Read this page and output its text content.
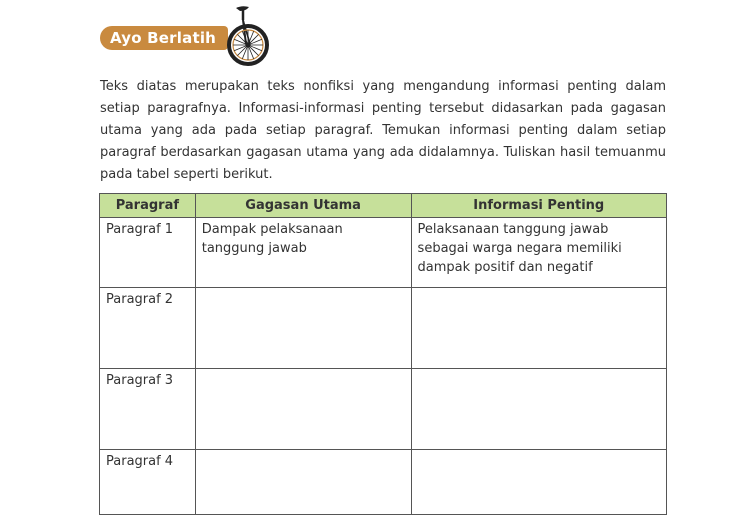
Ayo Berlatih

Teks diatas merupakan teks nonfiksi yang mengandung informasi penting dalam setiap paragrafnya. Informasi-informasi penting tersebut didasarkan pada gagasan utama yang ada pada setiap paragraf. Temukan informasi penting dalam setiap paragraf berdasarkan gagasan utama yang ada didalamnya. Tuliskan hasil temuanmu pada tabel seperti berikut.

Paragraf	Gagasan Utama	Informasi Penting
Paragraf 1	Dampak pelaksanaan tanggung jawab	Pelaksanaan tanggung jawab sebagai warga negara memiliki dampak positif dan negatif
Paragraf 2		
Paragraf 3		
Paragraf 4		
